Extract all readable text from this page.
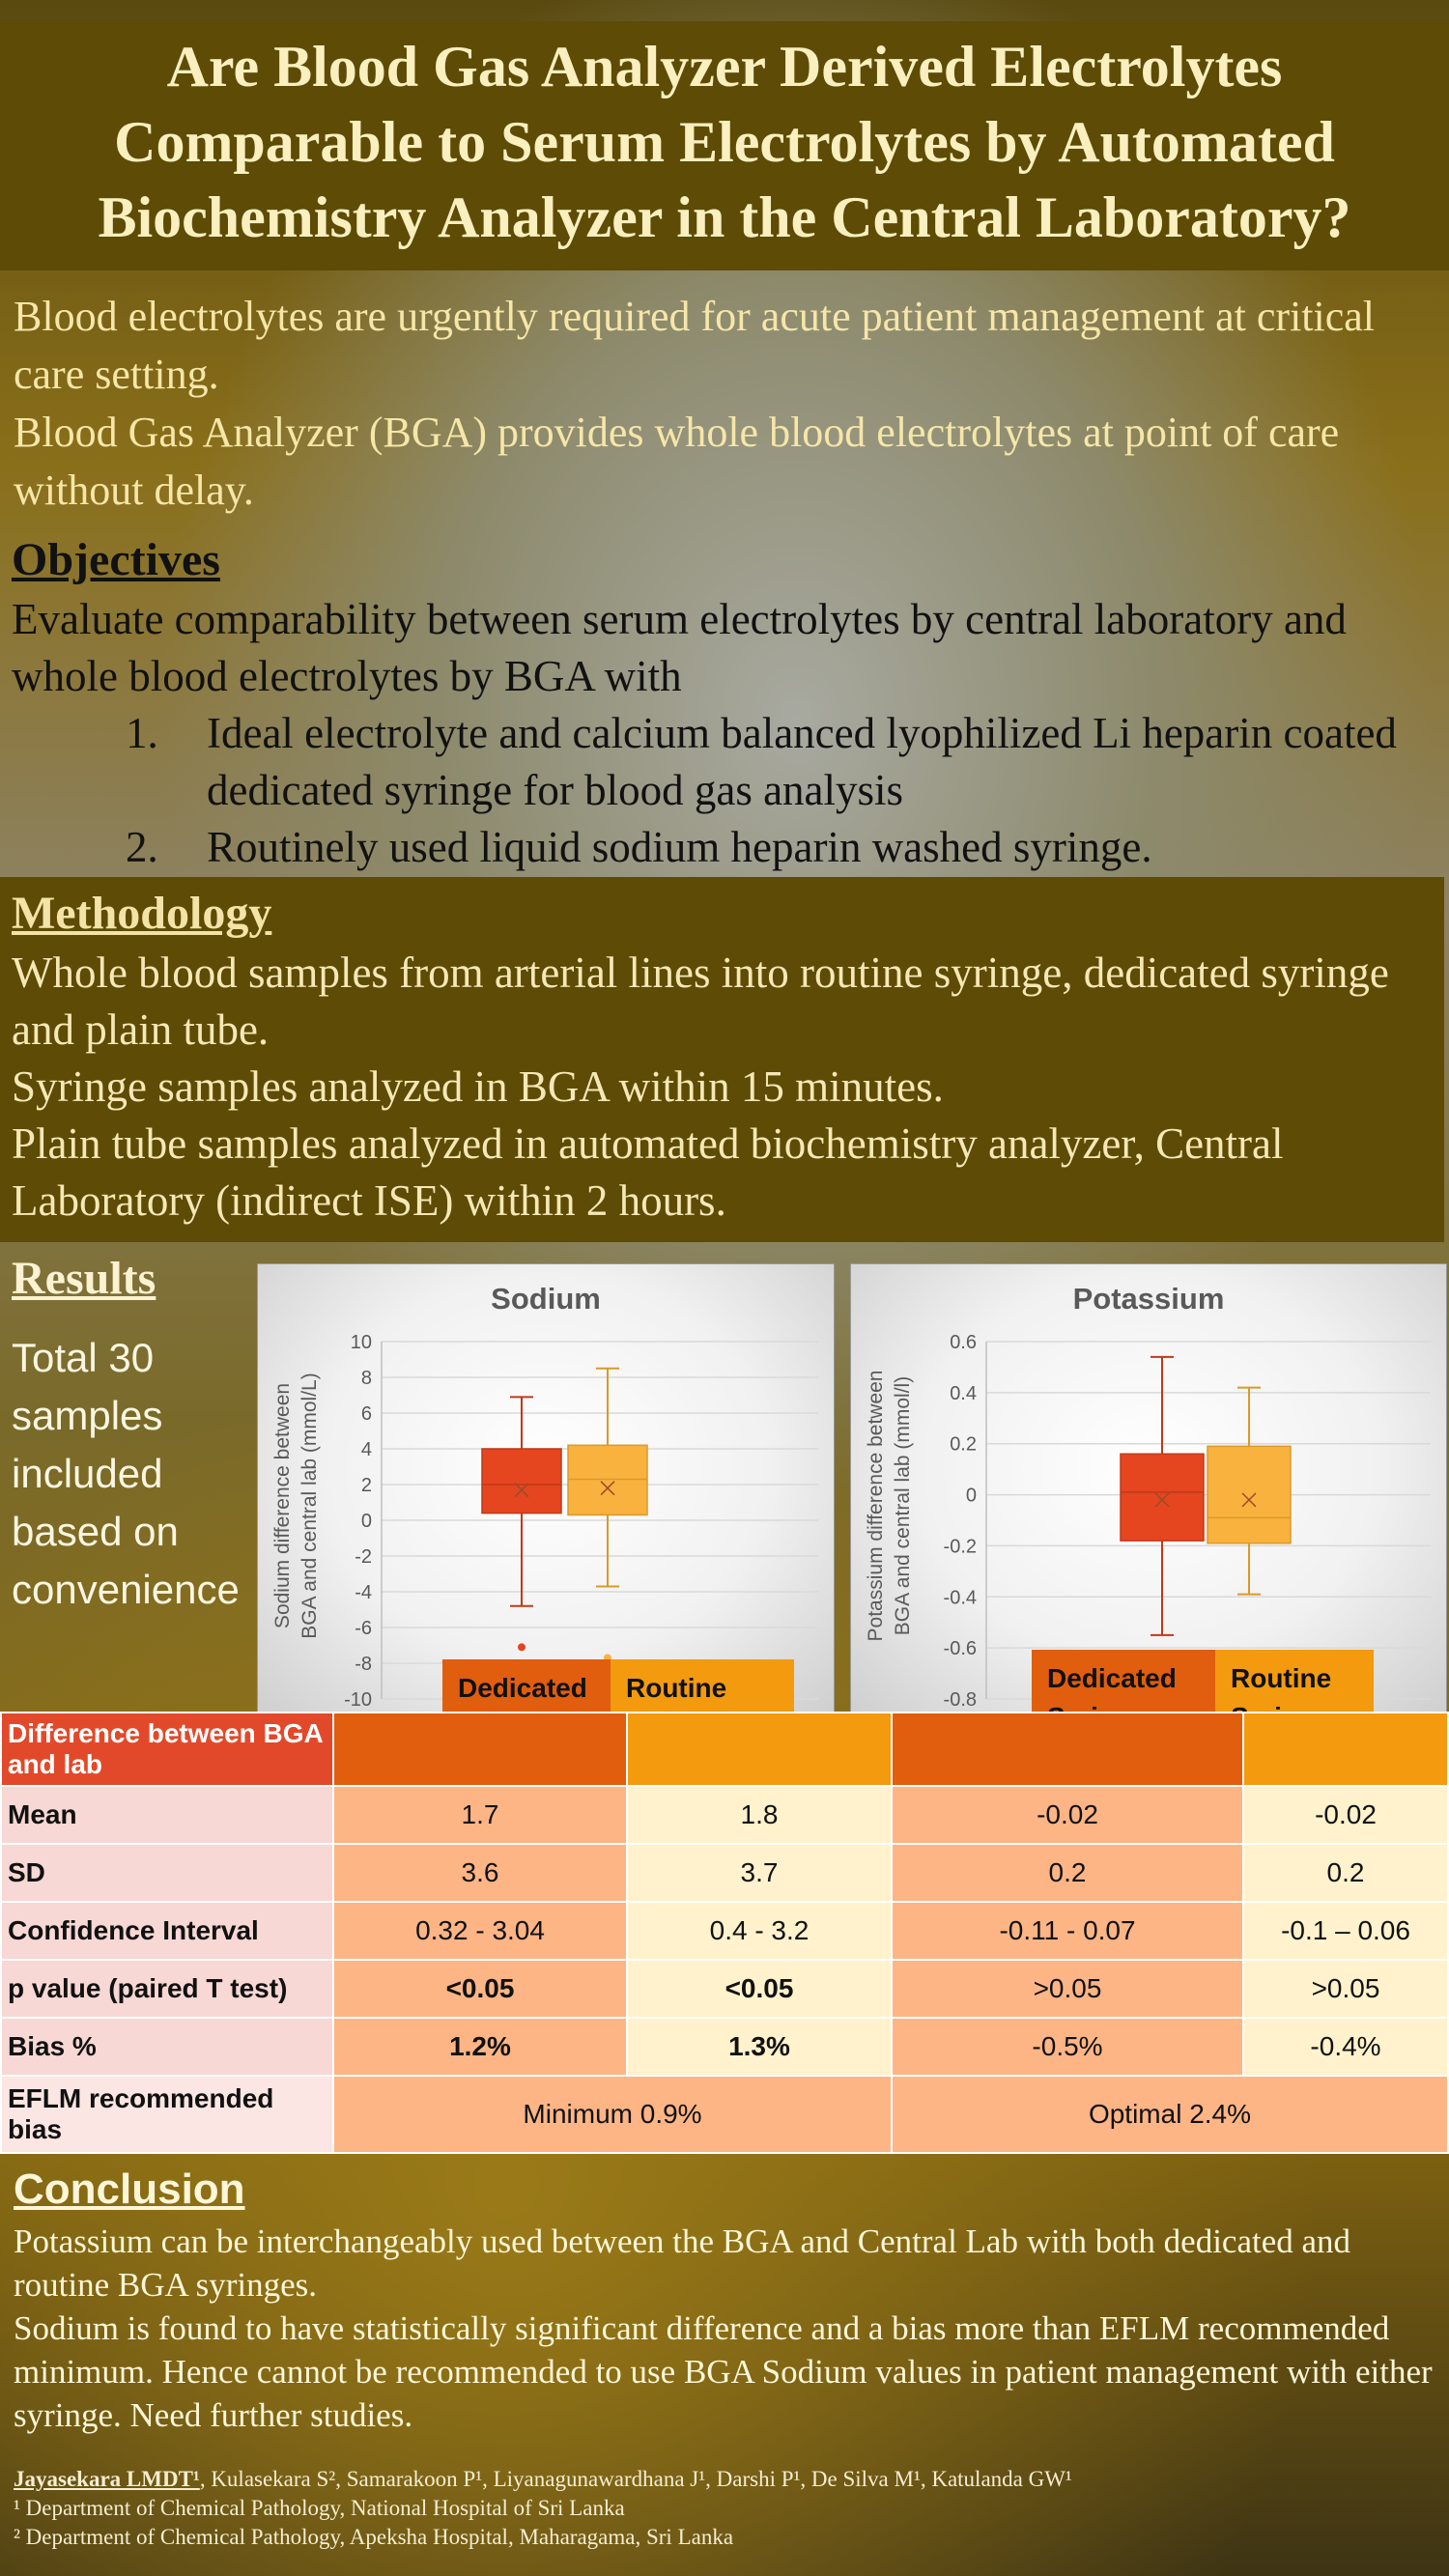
Are Blood Gas Analyzer Derived Electrolytes
Comparable to Serum Electrolytes by Automated
Biochemistry Analyzer in the Central Laboratory?
Blood electrolytes are urgently required for acute patient management at critical care setting.
Blood Gas Analyzer (BGA) provides whole blood electrolytes at point of care without delay.
Objectives
Evaluate comparability between serum electrolytes by central laboratory and whole blood electrolytes by BGA with
1.	Ideal electrolyte and calcium balanced lyophilized Li heparin coated dedicated syringe for blood gas analysis
2.	Routinely used liquid sodium heparin washed syringe.
Methodology
Whole blood samples from arterial lines into routine syringe, dedicated syringe and plain tube.
Syringe samples analyzed in BGA within 15 minutes.
Plain tube samples analyzed in automated biochemistry analyzer, Central Laboratory (indirect ISE) within 2 hours.
Results
Total 30 samples included based on convenience
Sodium
Sodium difference between BGA and central lab (mmol/L)
10
8
6
4
2
0
-2
-4
-6
-8
-10
Potassium
Potassium difference between BGA and central lab (mmol/l)
0.6
0.4
0.2
0
-0.2
-0.4
-0.6
-0.8
Dedicated	Routine	Dedicated	Routine
Difference between BGA and lab				
Mean	1.7	1.8	-0.02	-0.02
SD	3.6	3.7	0.2	0.2
Confidence Interval	0.32 - 3.04	0.4 - 3.2	-0.11 - 0.07	-0.1 – 0.06
p value (paired T test)	<0.05	<0.05	>0.05	>0.05
Bias %	1.2%	1.3%	-0.5%	-0.4%
EFLM recommended bias	Minimum 0.9%		Optimal 2.4%	
Conclusion
Potassium can be interchangeably used between the BGA and Central Lab with both dedicated and routine BGA syringes.
Sodium is found to have statistically significant difference and a bias more than EFLM recommended minimum. Hence cannot be recommended to use BGA Sodium values in patient management with either syringe. Need further studies.
Jayasekara LMDT¹, Kulasekara S², Samarakoon P¹, Liyanagunawardhana J¹, Darshi P¹, De Silva M¹, Katulanda GW¹
¹ Department of Chemical Pathology, National Hospital of Sri Lanka
² Department of Chemical Pathology, Apeksha Hospital, Maharagama, Sri Lanka
